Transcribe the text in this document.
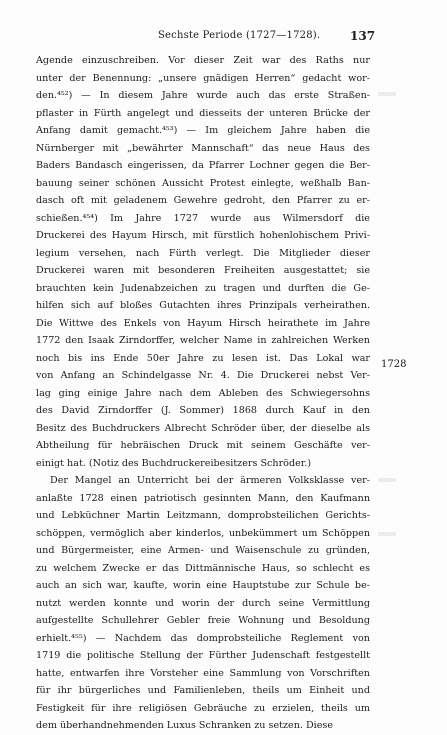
Sechste Periode (1727—1728). 137
Agende einzuschreiben. Vor dieser Zeit war des Raths nur
unter der Benennung: „unsere gnädigen Herren“ gedacht wor-
den.⁴⁵²) — In diesem Jahre wurde auch das erste Straßen-
pflaster in Fürth angelegt und diesseits der unteren Brücke der
Anfang damit gemacht.⁴⁵³) — Im gleichem Jahre haben die
Nürnberger mit „bewährter Mannschaft“ das neue Haus des
Baders Bandasch eingerissen, da Pfarrer Lochner gegen die Ber-
bauung seiner schönen Aussicht Protest einlegte, weßhalb Ban-
dasch oft mit geladenem Gewehre gedroht, den Pfarrer zu er-
schießen.⁴⁵⁴) Im Jahre 1727 wurde aus Wilmersdorf die
Druckerei des Hayum Hirsch, mit fürstlich hohenlohischem Privi-
legium versehen, nach Fürth verlegt. Die Mitglieder dieser
Druckerei waren mit besonderen Freiheiten ausgestattet; sie
brauchten kein Judenabzeichen zu tragen und durften die Ge-
hilfen sich auf bloßes Gutachten ihres Prinzipals verheirathen.
Die Wittwe des Enkels von Hayum Hirsch heirathete im Jahre
1772 den Isaak Zirndorffer, welcher Name in zahlreichen Werken
noch bis ins Ende 50er Jahre zu lesen ist. Das Lokal war
von Anfang an Schindelgasse Nr. 4. Die Druckerei nebst Ver-
lag ging einige Jahre nach dem Ableben des Schwiegersohns
des David Zirndorffer (J. Sommer) 1868 durch Kauf in den
Besitz des Buchdruckers Albrecht Schröder über, der dieselbe als
Abtheilung für hebräischen Druck mit seinem Geschäfte ver-
einigt hat. (Notiz des Buchdruckereibesitzers Schröder.)
Der Mangel an Unterricht bei der ärmeren Volksklasse ver-
anlaßte 1728 einen patriotisch gesinnten Mann, den Kaufmann
und Lebküchner Martin Leitzmann, domprobsteilichen Gerichts-
schöppen, vermöglich aber kinderlos, unbekümmert um Schöppen
und Bürgermeister, eine Armen- und Waisenschule zu gründen,
zu welchem Zwecke er das Dittmännische Haus, so schlecht es
auch an sich war, kaufte, worin eine Hauptstube zur Schule be-
nutzt werden konnte und worin der durch seine Vermittlung
aufgestellte Schullehrer Gebler freie Wohnung und Besoldung
erhielt.⁴⁵⁵) — Nachdem das domprobsteiliche Reglement von
1719 die politische Stellung der Fürther Judenschaft festgestellt
hatte, entwarfen ihre Vorsteher eine Sammlung von Vorschriften
für ihr bürgerliches und Familienleben, theils um Einheit und
Festigkeit für ihre religiösen Gebräuche zu erzielen, theils um
dem überhandnehmenden Luxus Schranken zu setzen. Diese
1728
